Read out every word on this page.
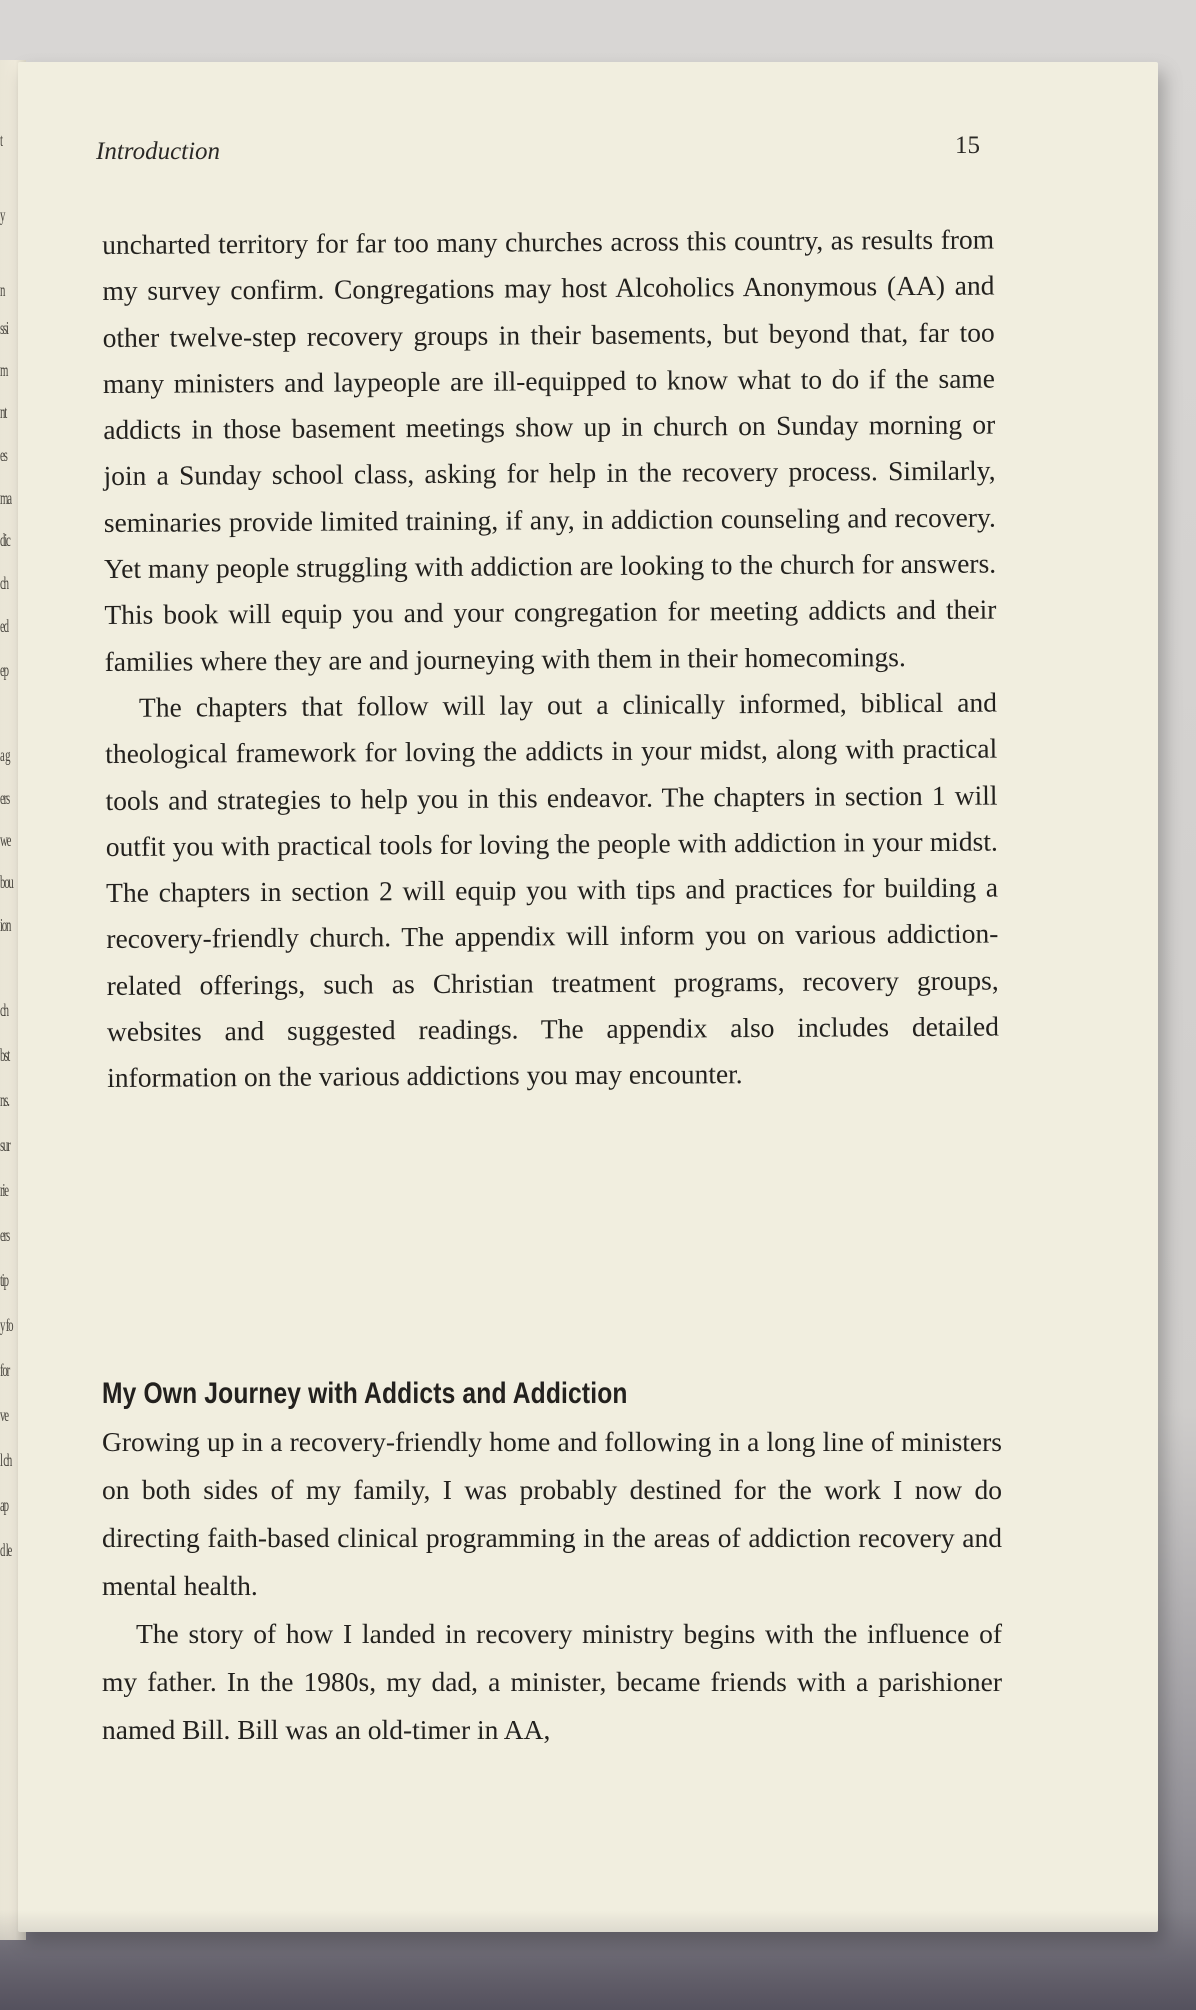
t
y
n
ssi
m
nt
es
ma
dic
ch
ed
ep
a g
ers
we
bou
ion
ch
bst
ns.
sur
rie
ers
tip
y fo
for
ve
l ch
ap
d le
Introduction	15

uncharted territory for far too many churches across this country, as results from my survey confirm. Congregations may host Alcoholics Anonymous (AA) and other twelve-step recovery groups in their basements, but beyond that, far too many ministers and laypeople are ill-equipped to know what to do if the same addicts in those basement meetings show up in church on Sunday morning or join a Sunday school class, asking for help in the recovery process. Similarly, seminaries provide limited training, if any, in addiction counseling and recovery. Yet many people struggling with addiction are looking to the church for answers. This book will equip you and your congregation for meeting addicts and their families where they are and journeying with them in their homecomings.

The chapters that follow will lay out a clinically informed, biblical and theological framework for loving the addicts in your midst, along with practical tools and strategies to help you in this endeavor. The chapters in section 1 will outfit you with practical tools for loving the people with addiction in your midst. The chapters in section 2 will equip you with tips and practices for building a recovery-friendly church. The appendix will inform you on various addiction-related offerings, such as Christian treatment programs, recovery groups, websites and suggested readings. The appendix also includes detailed information on the various addictions you may encounter.

My Own Journey with Addicts and Addiction

Growing up in a recovery-friendly home and following in a long line of ministers on both sides of my family, I was probably destined for the work I now do directing faith-based clinical programming in the areas of addiction recovery and mental health.

The story of how I landed in recovery ministry begins with the influence of my father. In the 1980s, my dad, a minister, became friends with a parishioner named Bill. Bill was an old-timer in AA,
